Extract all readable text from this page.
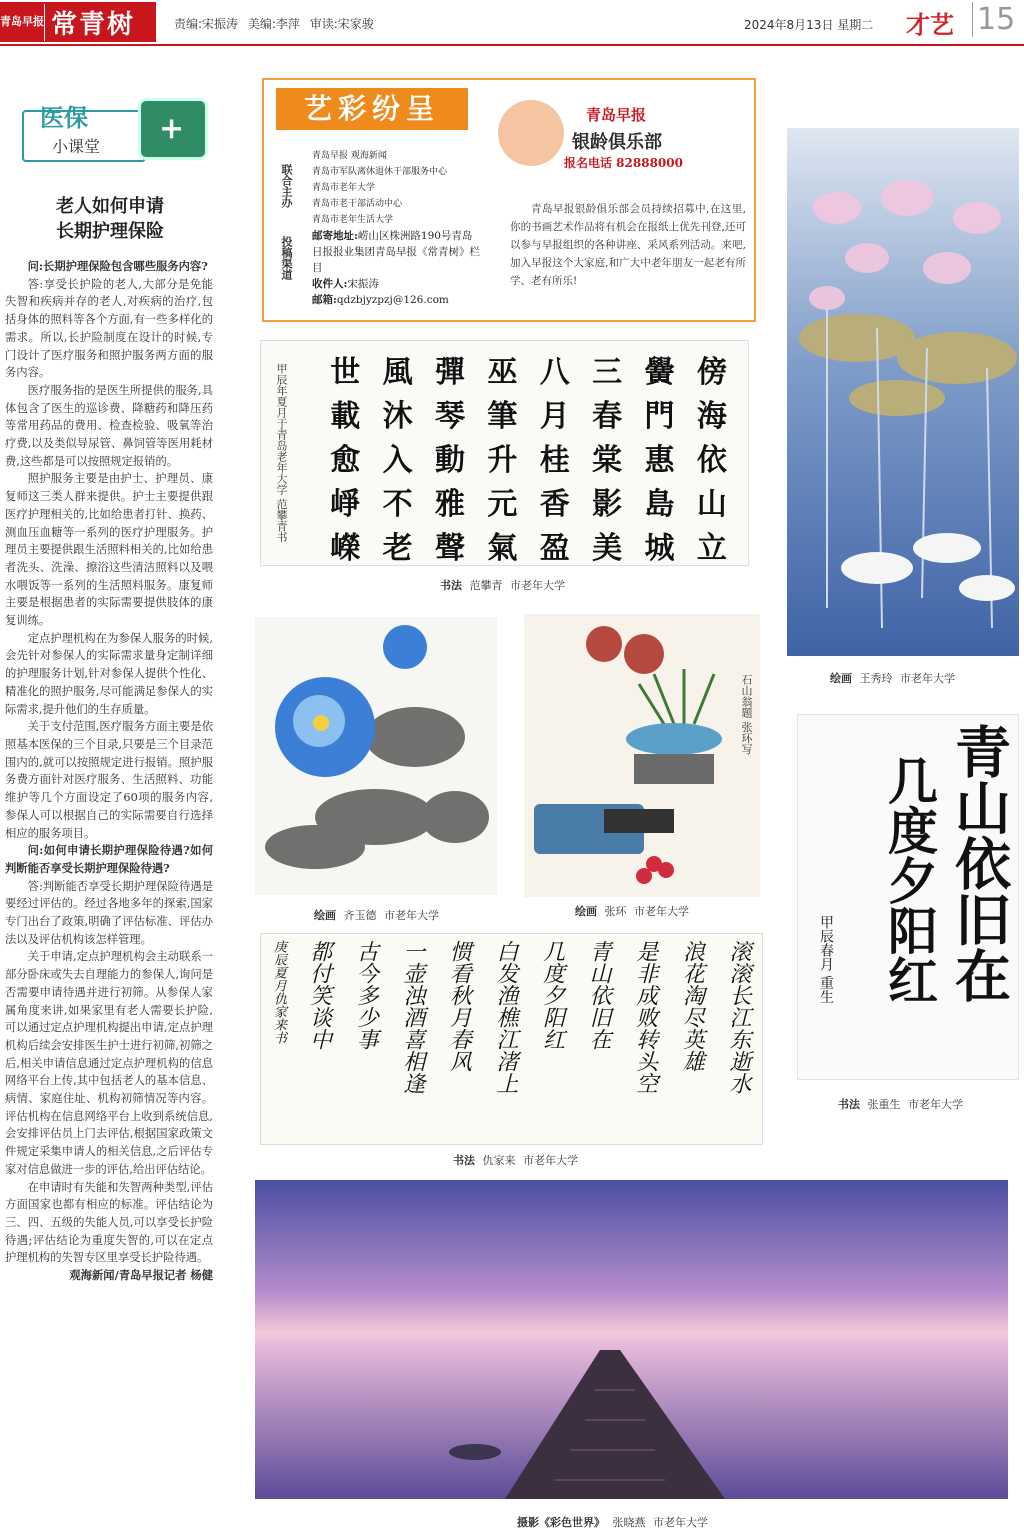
青岛早报 常青树	责编:宋振涛 美编:李萍 审读:宋家骏	2024年8月13日 星期二 才艺 15
医保
小课堂
+
老人如何申请
长期护理保险

问:长期护理保险包含哪些服务内容?

答:享受长护险的老人,大部分是免能失智和疾病并存的老人,对疾病的治疗,包括身体的照料等各个方面,有一些多样化的需求。所以,长护险制度在设计的时候,专门设计了医疗服务和照护服务两方面的服务内容。

医疗服务指的是医生所提供的服务,具体包含了医生的巡诊费、降糖药和降压药等常用药品的费用、检查检验、吸氧等治疗费,以及类似导尿管、鼻饲管等医用耗材费,这些都是可以按照规定报销的。

照护服务主要是由护士、护理员、康复师这三类人群来提供。护士主要提供跟医疗护理相关的,比如给患者打针、换药、测血压血糖等一系列的医疗护理服务。护理员主要提供跟生活照料相关的,比如给患者洗头、洗澡、擦浴这些清洁照料以及喂水喂饭等一系列的生活照料服务。康复师主要是根据患者的实际需要提供肢体的康复训练。

定点护理机构在为参保人服务的时候,会先针对参保人的实际需求量身定制详细的护理服务计划,针对参保人提供个性化、精准化的照护服务,尽可能满足参保人的实际需求,提升他们的生存质量。

关于支付范围,医疗服务方面主要是依照基本医保的三个目录,只要是三个目录范围内的,就可以按照规定进行报销。照护服务费方面针对医疗服务、生活照料、功能维护等几个方面设定了60项的服务内容,参保人可以根据自己的实际需要自行选择相应的服务项目。

问:如何申请长期护理保险待遇?如何判断能否享受长期护理保险待遇?

答:判断能否享受长期护理保险待遇是要经过评估的。经过各地多年的探索,国家专门出台了政策,明确了评估标准、评估办法以及评估机构该怎样管理。

关于申请,定点护理机构会主动联系一部分卧床或失去自理能力的参保人,询问是否需要申请待遇并进行初筛。从参保人家属角度来讲,如果家里有老人需要长护险,可以通过定点护理机构提出申请,定点护理机构后续会安排医生护士进行初筛,初筛之后,相关申请信息通过定点护理机构的信息网络平台上传,其中包括老人的基本信息、病情、家庭住址、机构初筛情况等内容。评估机构在信息网络平台上收到系统信息,会安排评估员上门去评估,根据国家政策文件规定采集申请人的相关信息,之后评估专家对信息做进一步的评估,给出评估结论。

在申请时有失能和失智两种类型,评估方面国家也都有相应的标准。评估结论为三、四、五级的失能人员,可以享受长护险待遇;评估结论为重度失智的,可以在定点护理机构的失智专区里享受长护险待遇。

观海新闻/青岛早报记者 杨健

艺彩纷呈
联合主办
青岛早报 观海新闻
青岛市军队离休退休干部服务中心
青岛市老年大学
青岛市老干部活动中心
青岛市老年生活大学
投稿渠道 邮寄地址:崂山区株洲路190号青岛日报报业集团青岛早报《常青树》栏目
收件人:宋振涛
邮箱:qdzbjyzpzj@126.com
青岛早报
银龄俱乐部
报名电话 82888000
青岛早报银龄俱乐部会员持续招募中,在这里,你的书画艺术作品将有机会在报纸上优先刊登,还可以参与早报组织的各种讲座、采风系列活动。来吧,加入早报这个大家庭,和广大中老年朋友一起老有所学、老有所乐!
甲辰年夏月于青岛老年大学 范攀青书	傍
海
依
山
立
黌
門
惠
島
城
三
春
棠
影
美
八
月
桂
香
盈
巫
筆
升
元
氣
彈
琴
動
雅
聲
風
沐
入
不
老
世
載
愈
崢
嶸
书法 范攀青 市老年大学
绘画 王秀玲 市老年大学
绘画 齐玉德 市老年大学
石山翁题 张环写
绘画 张环 市老年大学	青山依旧在
几度夕阳红
甲辰春月 重生
书法 张重生 市老年大学
滚滚长江东逝水
浪花淘尽英雄
是非成败转头空
青山依旧在
几度夕阳红
白发渔樵江渚上
惯看秋月春风
一壶浊酒喜相逢
古今多少事
都付笑谈中
庚辰夏月仇家来书
书法 仇家来 市老年大学
摄影《彩色世界》 张晓燕 市老年大学
